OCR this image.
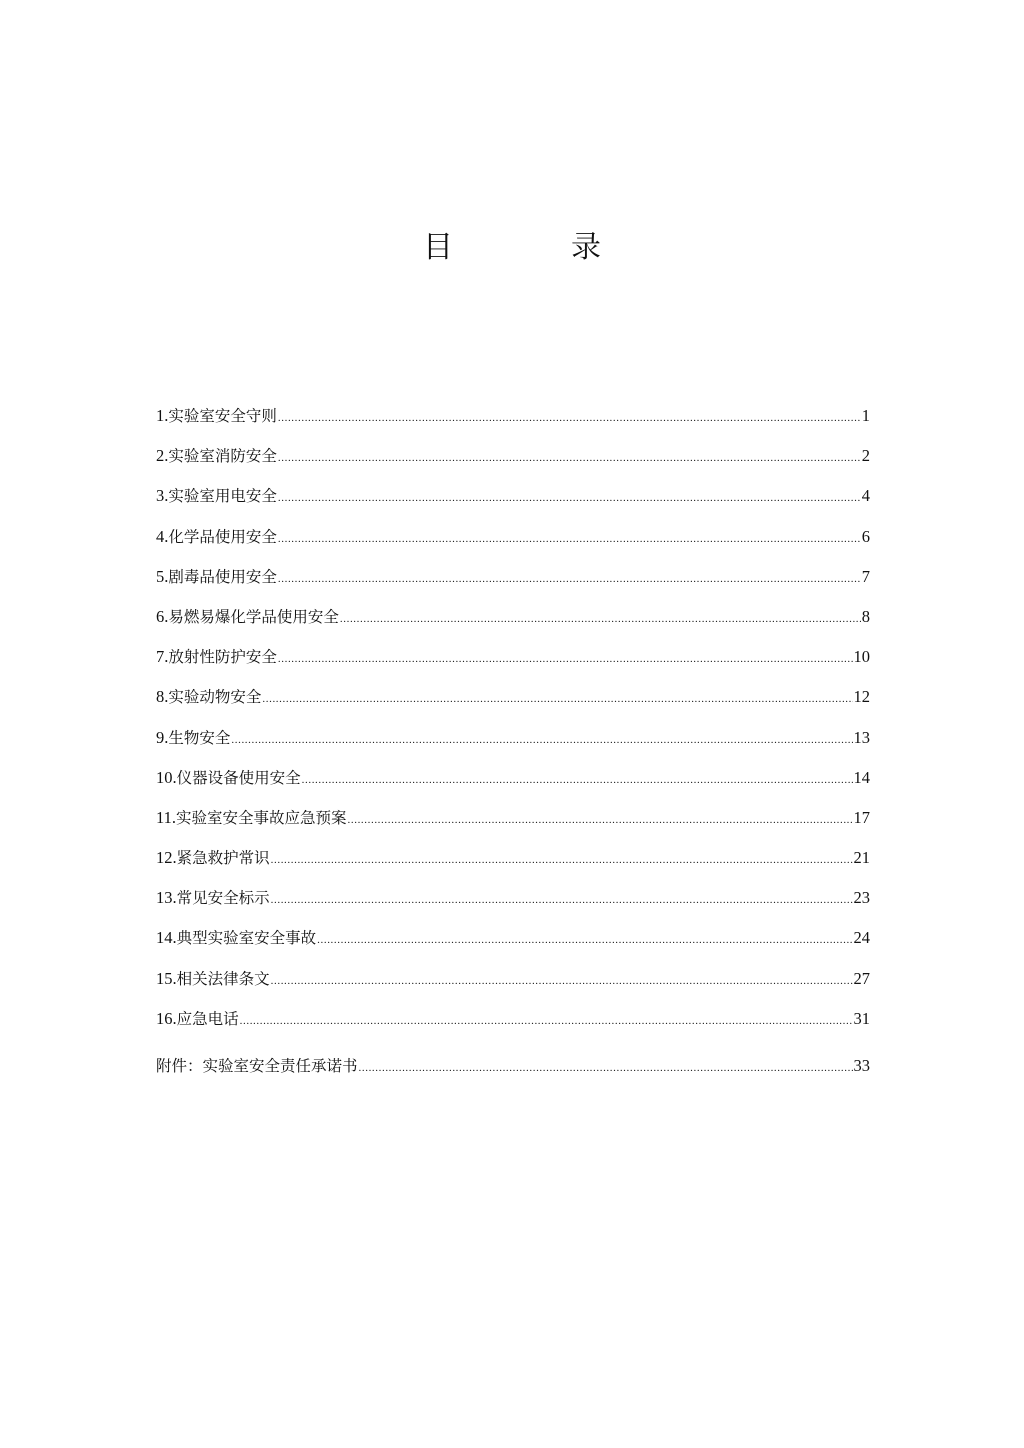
目　录
1.实验室安全守则 .....	1
2.实验室消防安全 .....	2
3.实验室用电安全 .....	4
4.化学品使用安全 .....	6
5.剧毒品使用安全 .....	7
6.易燃易爆化学品使用安全 .....	8
7.放射性防护安全 .....	10
8.实验动物安全 .....	12
9.生物安全 .....	13
10.仪器设备使用安全 .....	14
11.实验室安全事故应急预案 .....	17
12.紧急救护常识 .....	21
13.常见安全标示 .....	23
14.典型实验室安全事故 .....	24
15.相关法律条文 .....	27
16.应急电话 .....	31
附件：实验室安全责任承诺书 .....	33
